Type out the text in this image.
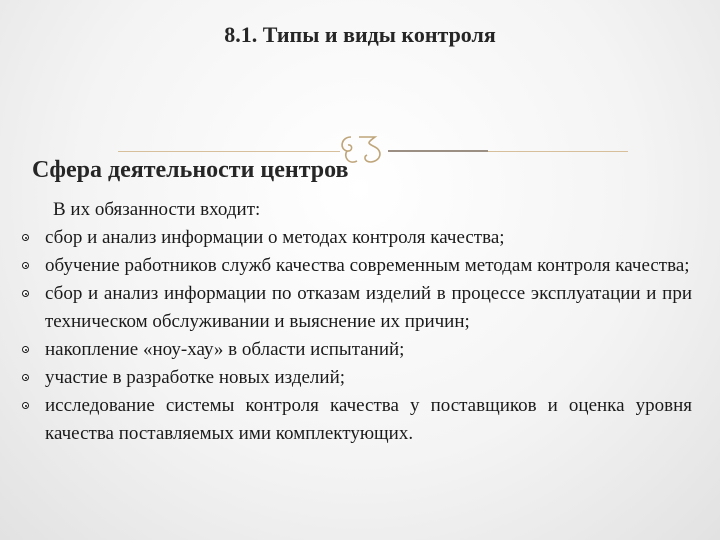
8.1. Типы и виды контроля
Сфера деятельности центров
В их обязанности входит:
сбор и анализ информации о методах контроля качества;
обучение работников служб качества современным методам контроля качества;
сбор и анализ информации по отказам изделий в процессе эксплуатации и при техническом обслуживании и выяснение их причин;
накопление «ноу-хау» в области испытаний;
участие в разработке новых изделий;
исследование системы контроля качества у поставщиков и оценка уровня качества поставляемых ими комплектующих.
